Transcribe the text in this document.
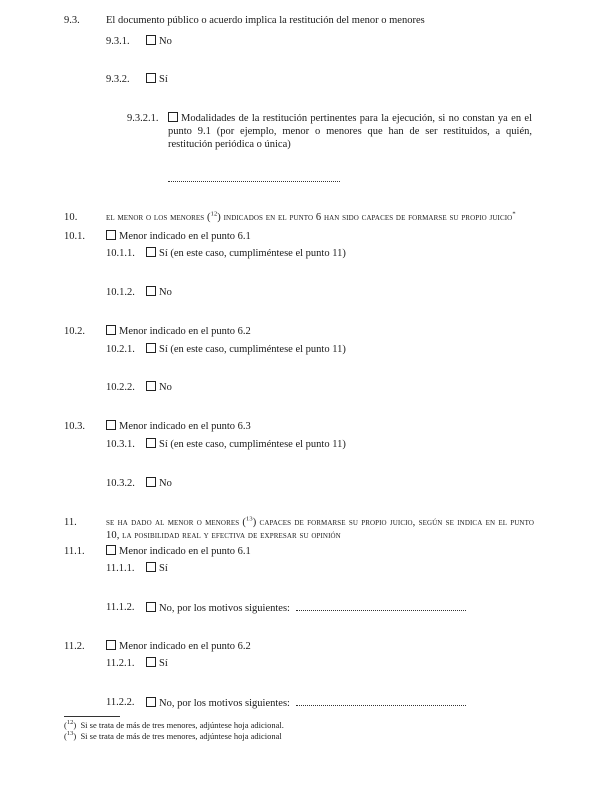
9.3.	El documento público o acuerdo implica la restitución del menor o menores
9.3.1.	No
9.3.2.	Sí
9.3.2.1.	Modalidades de la restitución pertinentes para la ejecución, si no constan ya en el punto 9.1 (por ejemplo, menor o menores que han de ser restituidos, a quién, restitución periódica o única)
10.	el menor o los menores ($^{12}$) indicados en el punto 6 han sido capaces de formarse su propio juicio*
10.1.	Menor indicado en el punto 6.1
10.1.1.	Sí (en este caso, cumpliméntese el punto 11)
10.1.2.	No
10.2.	Menor indicado en el punto 6.2
10.2.1.	Sí (en este caso, cumpliméntese el punto 11)
10.2.2.	No
10.3.	Menor indicado en el punto 6.3
10.3.1.	Sí (en este caso, cumpliméntese el punto 11)
10.3.2.	No
11.	se ha dado al menor o menores ($^{13}$) capaces de formarse su propio juicio, según se indica en el punto 10, la posibilidad real y efectiva de expresar su opinión
11.1.	Menor indicado en el punto 6.1
11.1.1.	Sí
11.1.2.	No, por los motivos siguientes:
11.2.	Menor indicado en el punto 6.2
11.2.1.	Sí
11.2.2.	No, por los motivos siguientes:
($^{12}$)  Si se trata de más de tres menores, adjúntese hoja adicional.
($^{13}$)  Si se trata de más de tres menores, adjúntese hoja adicional
